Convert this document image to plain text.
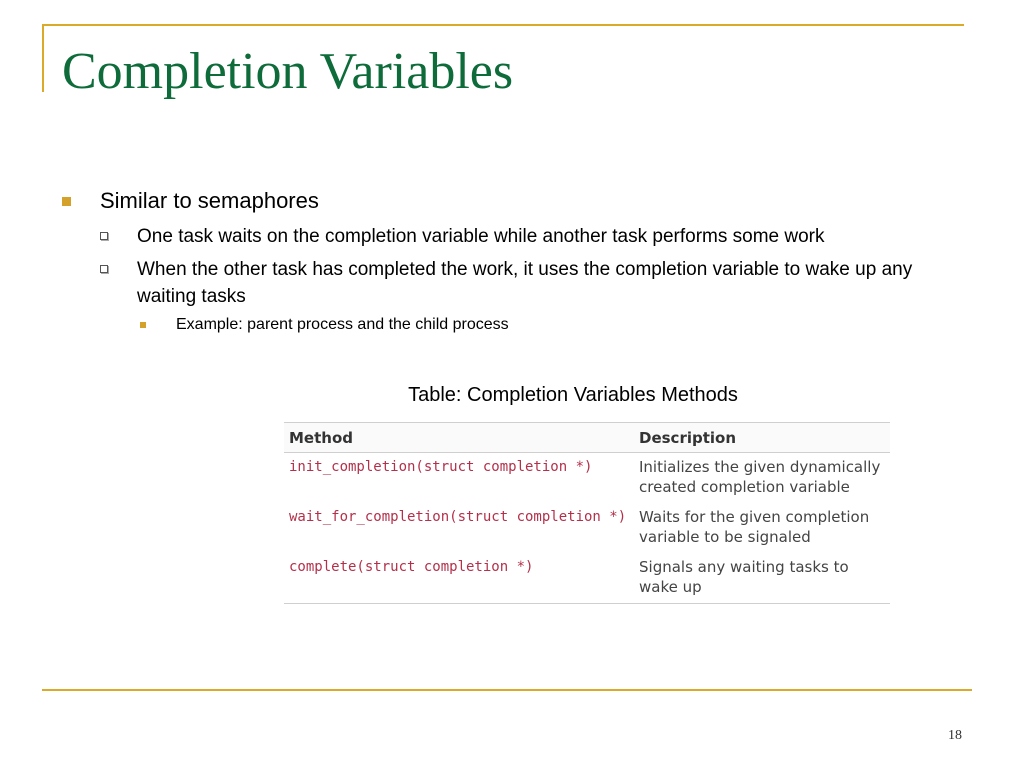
Completion Variables
Similar to semaphores
One task waits on the completion variable while another task performs some work
When the other task has completed the work, it uses the completion variable to wake up any waiting tasks
Example: parent process and the child process
Table: Completion Variables Methods
Method	Description
init_completion(struct completion *)	Initializes the given dynamically created completion variable
wait_for_completion(struct completion *)	Waits for the given completion variable to be signaled
complete(struct completion *)	Signals any waiting tasks to wake up
18
